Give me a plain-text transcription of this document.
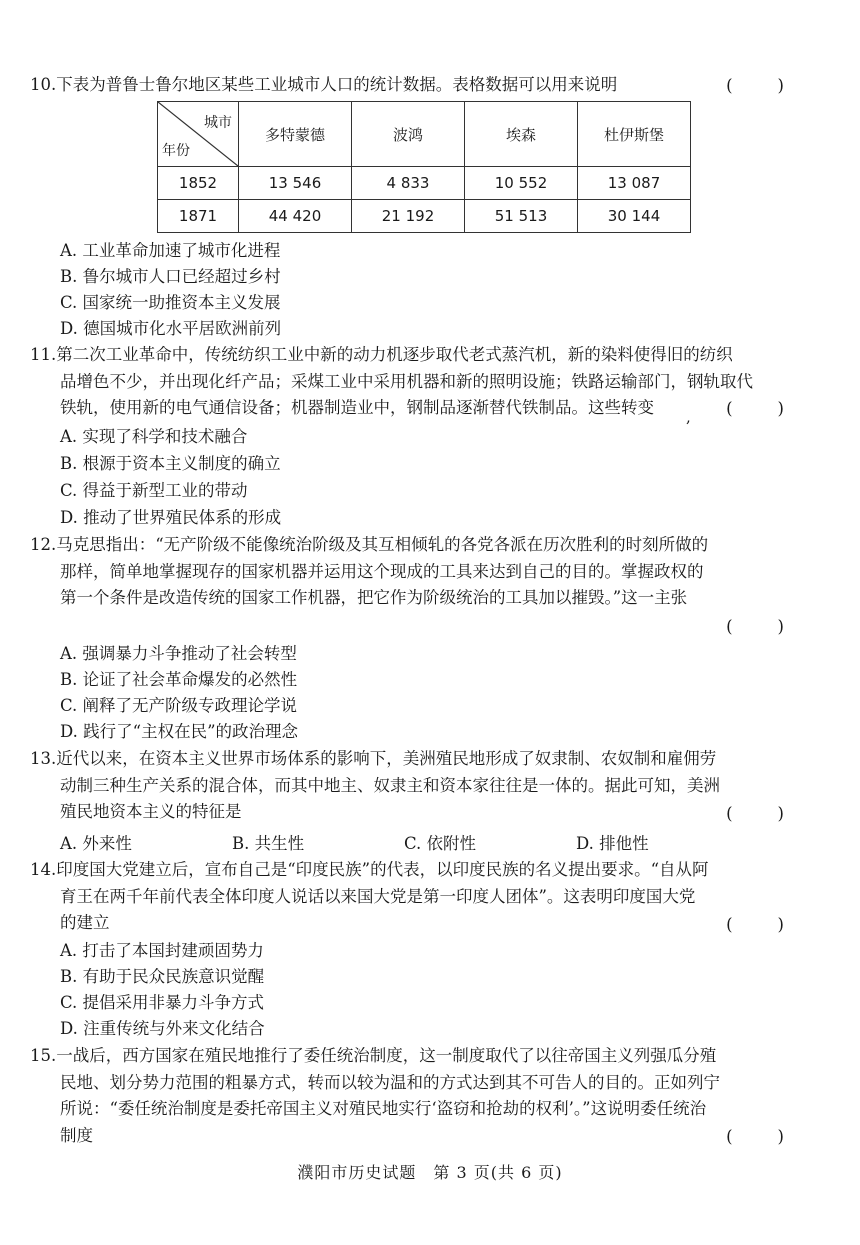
10.下表为普鲁士鲁尔地区某些工业城市人口的统计数据。表格数据可以用来说明	(　　)
城市
年份	多特蒙德	波鸿	埃森	杜伊斯堡
1852	13 546	4 833	10 552	13 087
1871	44 420	21 192	51 513	30 144
A. 工业革命加速了城市化进程
B. 鲁尔城市人口已经超过乡村
C. 国家统一助推资本主义发展
D. 德国城市化水平居欧洲前列
11.第二次工业革命中，传统纺织工业中新的动力机逐步取代老式蒸汽机，新的染料使得旧的纺织
品增色不少，并出现化纤产品；采煤工业中采用机器和新的照明设施；铁路运输部门，钢轨取代
铁轨，使用新的电气通信设备；机器制造业中，钢制品逐渐替代铁制品。这些转变	, (　　)
A. 实现了科学和技术融合
B. 根源于资本主义制度的确立
C. 得益于新型工业的带动
D. 推动了世界殖民体系的形成
12.马克思指出：“无产阶级不能像统治阶级及其互相倾轧的各党各派在历次胜利的时刻所做的
那样，简单地掌握现存的国家机器并运用这个现成的工具来达到自己的目的。掌握政权的
第一个条件是改造传统的国家工作机器，把它作为阶级统治的工具加以摧毁。”这一主张
(　　)
A. 强调暴力斗争推动了社会转型
B. 论证了社会革命爆发的必然性
C. 阐释了无产阶级专政理论学说
D. 践行了“主权在民”的政治理念
13.近代以来，在资本主义世界市场体系的影响下，美洲殖民地形成了奴隶制、农奴制和雇佣劳
动制三种生产关系的混合体，而其中地主、奴隶主和资本家往往是一体的。据此可知，美洲
殖民地资本主义的特征是	(　　)
A. 外来性	B. 共生性	C. 依附性	D. 排他性
14.印度国大党建立后，宣布自己是“印度民族”的代表，以印度民族的名义提出要求。“自从阿
育王在两千年前代表全体印度人说话以来国大党是第一印度人团体”。这表明印度国大党
的建立	(　　)
A. 打击了本国封建顽固势力
B. 有助于民众民族意识觉醒
C. 提倡采用非暴力斗争方式
D. 注重传统与外来文化结合
15.一战后，西方国家在殖民地推行了委任统治制度，这一制度取代了以往帝国主义列强瓜分殖
民地、划分势力范围的粗暴方式，转而以较为温和的方式达到其不可告人的目的。正如列宁
所说：“委任统治制度是委托帝国主义对殖民地实行‘盗窃和抢劫的权利’。”这说明委任统治
制度	(　　)
濮阳市历史试题　第 3 页(共 6 页)
